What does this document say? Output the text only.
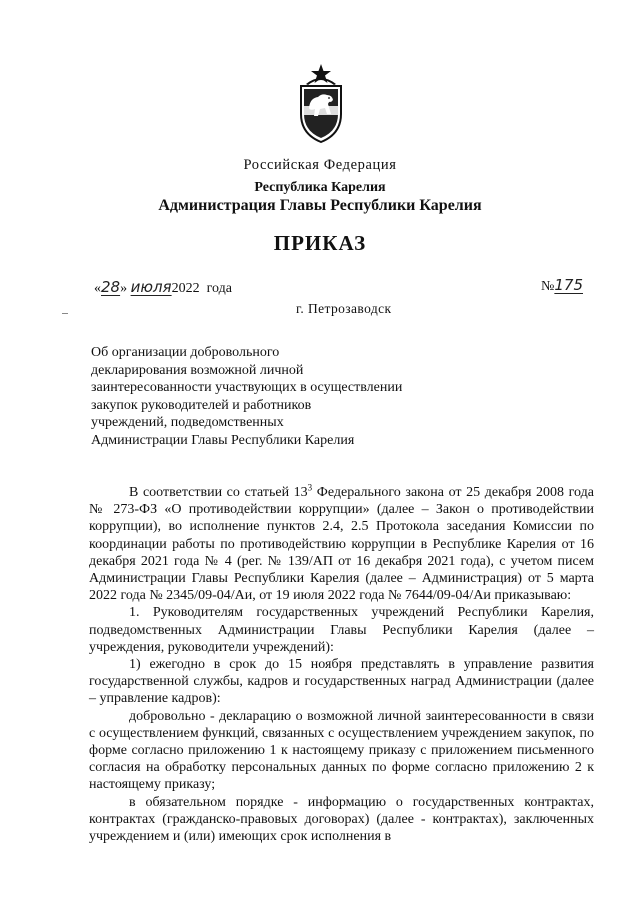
Российская Федерация
Республика Карелия
Администрация Главы Республики Карелия
ПРИКАЗ
«28» июля2022 года	№175
г. Петрозаводск
Об организации добровольного
декларирования возможной личной
заинтересованности участвующих в осуществлении
закупок руководителей и работников
учреждений, подведомственных
Администрации Главы Республики Карелия

В соответствии со статьей $13^3$ Федерального закона от 25 декабря 2008 года № 273-ФЗ «О противодействии коррупции» (далее – Закон о противодействии коррупции), во исполнение пунктов 2.4, 2.5 Протокола заседания Комиссии по координации работы по противодействию коррупции в Республике Карелия от 16 декабря 2021 года № 4 (рег. № 139/АП от 16 декабря 2021 года), с учетом писем Администрации Главы Республики Карелия (далее – Администрация) от 5 марта 2022 года № 2345/09-04/Аи, от 19 июля 2022 года № 7644/09-04/Аи приказываю:

1. Руководителям государственных учреждений Республики Карелия, подведомственных Администрации Главы Республики Карелия (далее – учреждения, руководители учреждений):

1) ежегодно в срок до 15 ноября представлять в управление развития государственной службы, кадров и государственных наград Администрации (далее – управление кадров):

добровольно - декларацию о возможной личной заинтересованности в связи с осуществлением функций, связанных с осуществлением учреждением закупок, по форме согласно приложению 1 к настоящему приказу с приложением письменного согласия на обработку персональных данных по форме согласно приложению 2 к настоящему приказу;

в обязательном порядке - информацию о государственных контрактах, контрактах (гражданско-правовых договорах) (далее - контрактах), заключенных учреждением и (или) имеющих срок исполнения в
